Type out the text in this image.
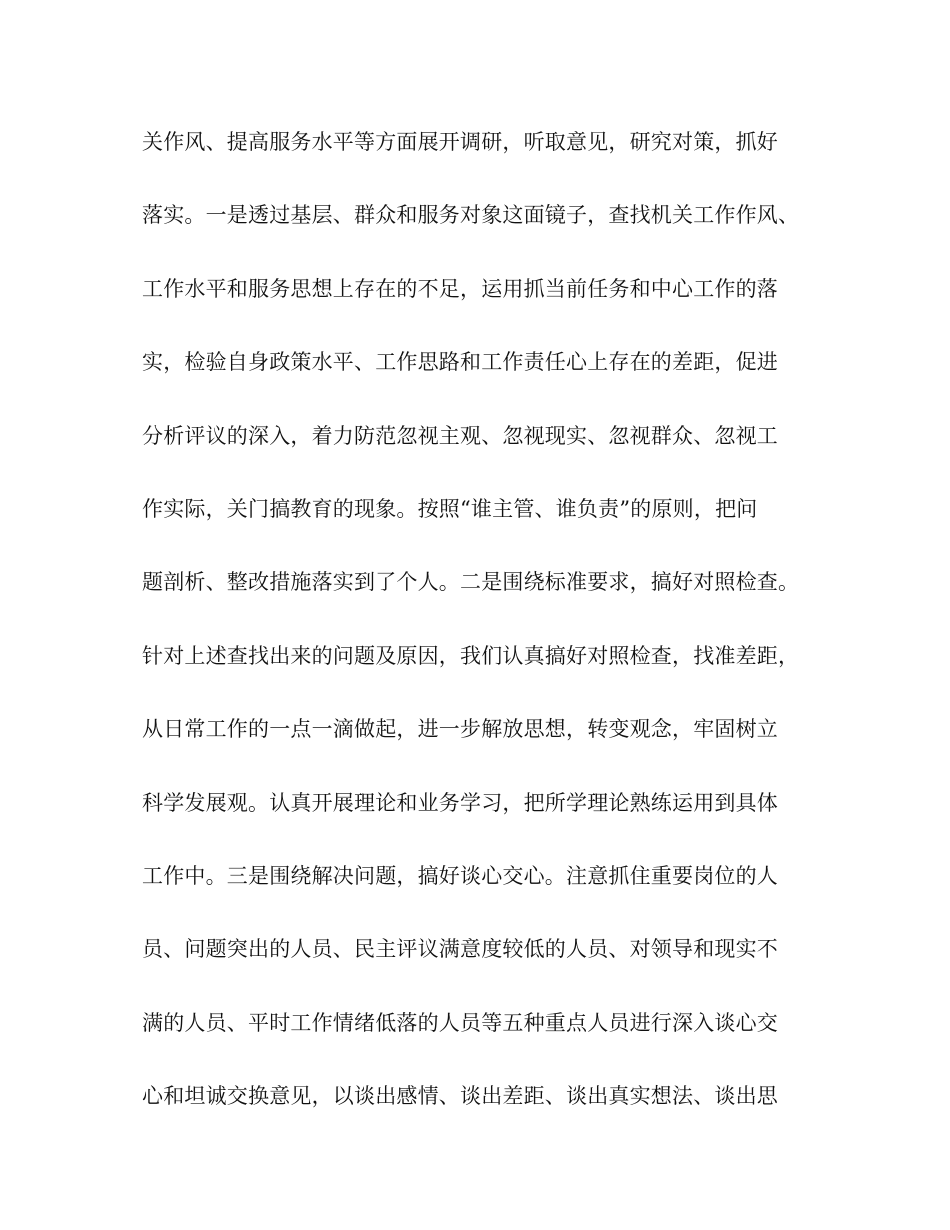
关作风、提高服务水平等方面展开调研，听取意见，研究对策，抓好
落实。一是透过基层、群众和服务对象这面镜子，查找机关工作作风、
工作水平和服务思想上存在的不足，运用抓当前任务和中心工作的落
实，检验自身政策水平、工作思路和工作责任心上存在的差距，促进
分析评议的深入，着力防范忽视主观、忽视现实、忽视群众、忽视工
作实际，关门搞教育的现象。按照“谁主管、谁负责”的原则，把问
题剖析、整改措施落实到了个人。二是围绕标准要求，搞好对照检查。
针对上述查找出来的问题及原因，我们认真搞好对照检查，找准差距，
从日常工作的一点一滴做起，进一步解放思想，转变观念，牢固树立
科学发展观。认真开展理论和业务学习，把所学理论熟练运用到具体
工作中。三是围绕解决问题，搞好谈心交心。注意抓住重要岗位的人
员、问题突出的人员、民主评议满意度较低的人员、对领导和现实不
满的人员、平时工作情绪低落的人员等五种重点人员进行深入谈心交
心和坦诚交换意见，以谈出感情、谈出差距、谈出真实想法、谈出思
